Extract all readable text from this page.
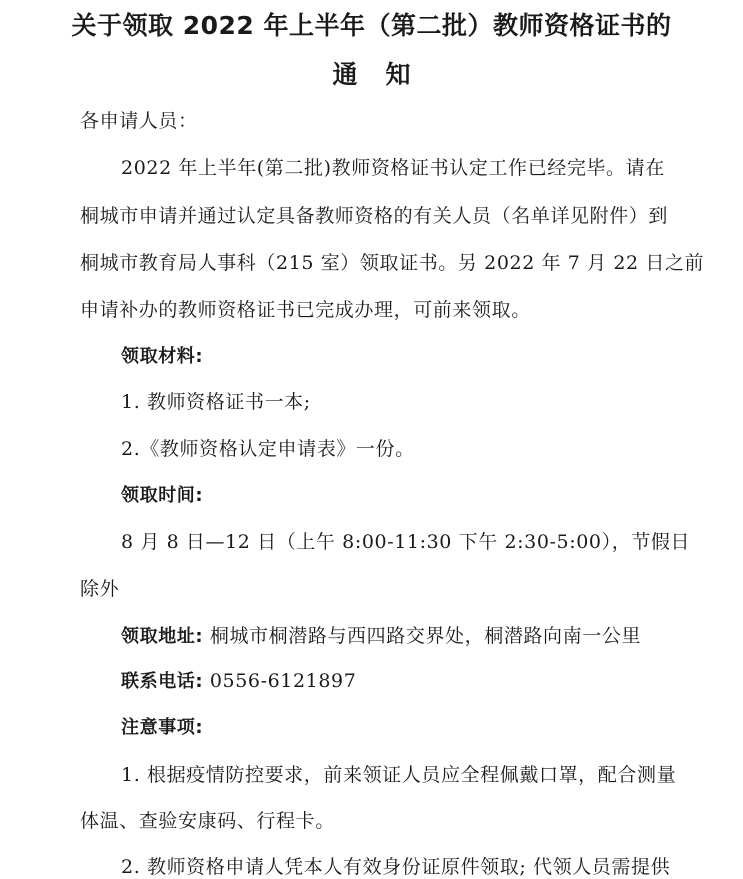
关于领取 2022 年上半年（第二批）教师资格证书的
通知
各申请人员：
2022 年上半年(第二批)教师资格证书认定工作已经完毕。请在
桐城市申请并通过认定具备教师资格的有关人员（名单详见附件）到
桐城市教育局人事科（215 室）领取证书。另 2022 年 7 月 22 日之前
申请补办的教师资格证书已完成办理，可前来领取。
领取材料:
1. 教师资格证书一本;
2.《教师资格认定申请表》一份。
领取时间:
8 月 8 日—12 日（上午 8:00-11:30 下午 2:30-5:00），节假日
除外
领取地址: 桐城市桐潜路与西四路交界处，桐潜路向南一公里
联系电话: 0556-6121897
注意事项:
1. 根据疫情防控要求，前来领证人员应全程佩戴口罩，配合测量
体温、查验安康码、行程卡。
2. 教师资格申请人凭本人有效身份证原件领取; 代领人员需提供
